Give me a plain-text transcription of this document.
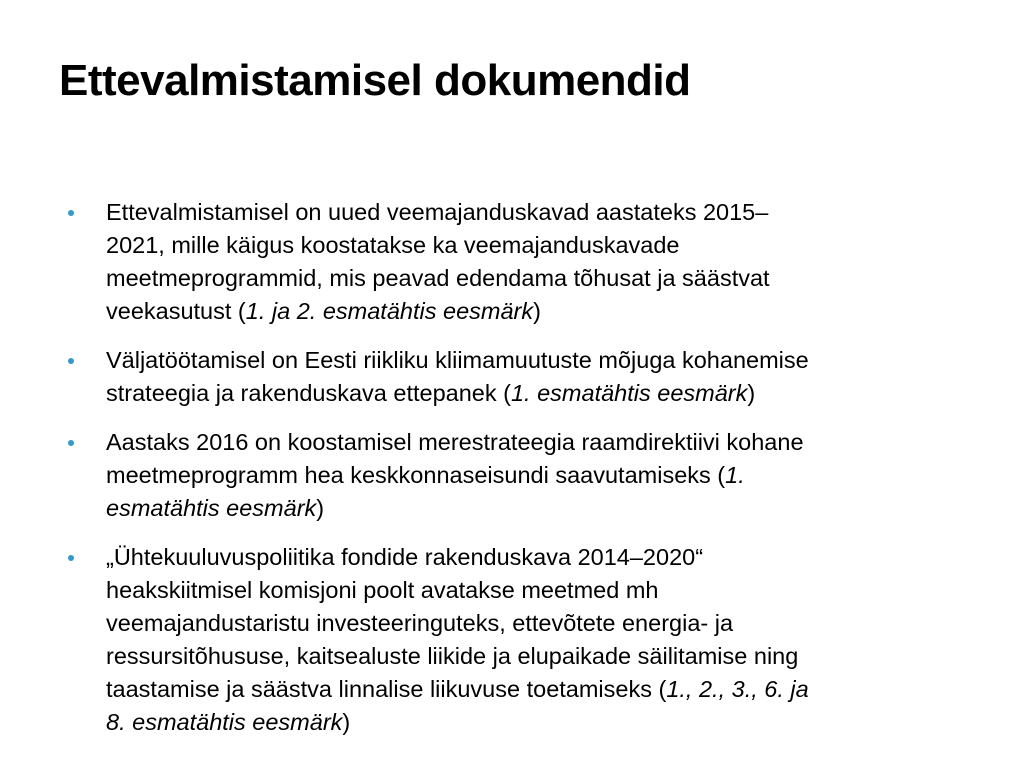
Ettevalmistamisel dokumendid
Ettevalmistamisel on uued veemajanduskavad aastateks 2015–
2021, mille käigus koostatakse ka veemajanduskavade
meetmeprogrammid, mis peavad edendama tõhusat ja säästvat
veekasutust (1. ja 2. esmatähtis eesmärk)
Väljatöötamisel on Eesti riikliku kliimamuutuste mõjuga kohanemise
strateegia ja rakenduskava ettepanek (1. esmatähtis eesmärk)
Aastaks 2016 on koostamisel merestrateegia raamdirektiivi kohane
meetmeprogramm hea keskkonnaseisundi saavutamiseks (1.
esmatähtis eesmärk)
„Ühtekuuluvuspoliitika fondide rakenduskava 2014–2020“
heakskiitmisel komisjoni poolt avatakse meetmed mh
veemajandustaristu investeeringuteks, ettevõtete energia- ja
ressursitõhususe, kaitsealuste liikide ja elupaikade säilitamise ning
taastamise ja säästva linnalise liikuvuse toetamiseks (1., 2., 3., 6. ja
8. esmatähtis eesmärk)
